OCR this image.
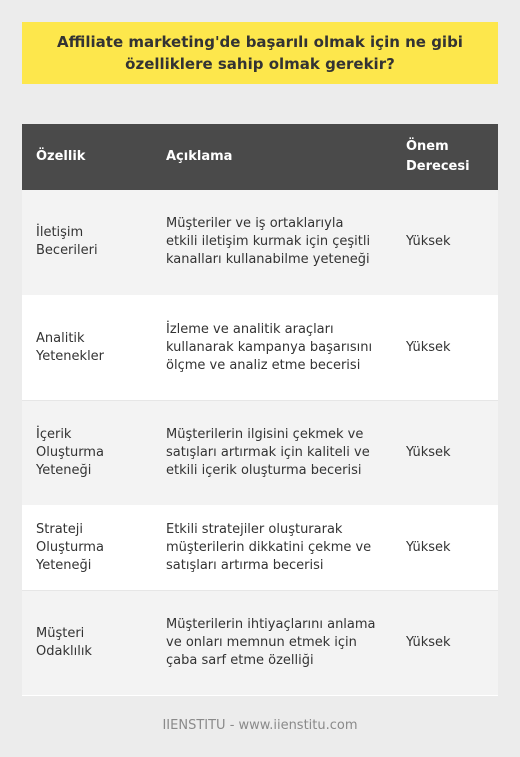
Affiliate marketing'de başarılı olmak için ne gibi
özelliklere sahip olmak gerekir?
Özellik	Açıklama	Önem Derecesi
İletişim Becerileri	Müşteriler ve iş ortaklarıyla etkili iletişim kurmak için çeşitli kanalları kullanabilme yeteneği	Yüksek
Analitik Yetenekler	İzleme ve analitik araçları kullanarak kampanya başarısını ölçme ve analiz etme becerisi	Yüksek
İçerik Oluşturma Yeteneği	Müşterilerin ilgisini çekmek ve satışları artırmak için kaliteli ve etkili içerik oluşturma becerisi	Yüksek
Strateji Oluşturma Yeteneği	Etkili stratejiler oluşturarak müşterilerin dikkatini çekme ve satışları artırma becerisi	Yüksek
Müşteri Odaklılık	Müşterilerin ihtiyaçlarını anlama ve onları memnun etmek için çaba sarf etme özelliği	Yüksek
IIENSTITU - www.iienstitu.com
